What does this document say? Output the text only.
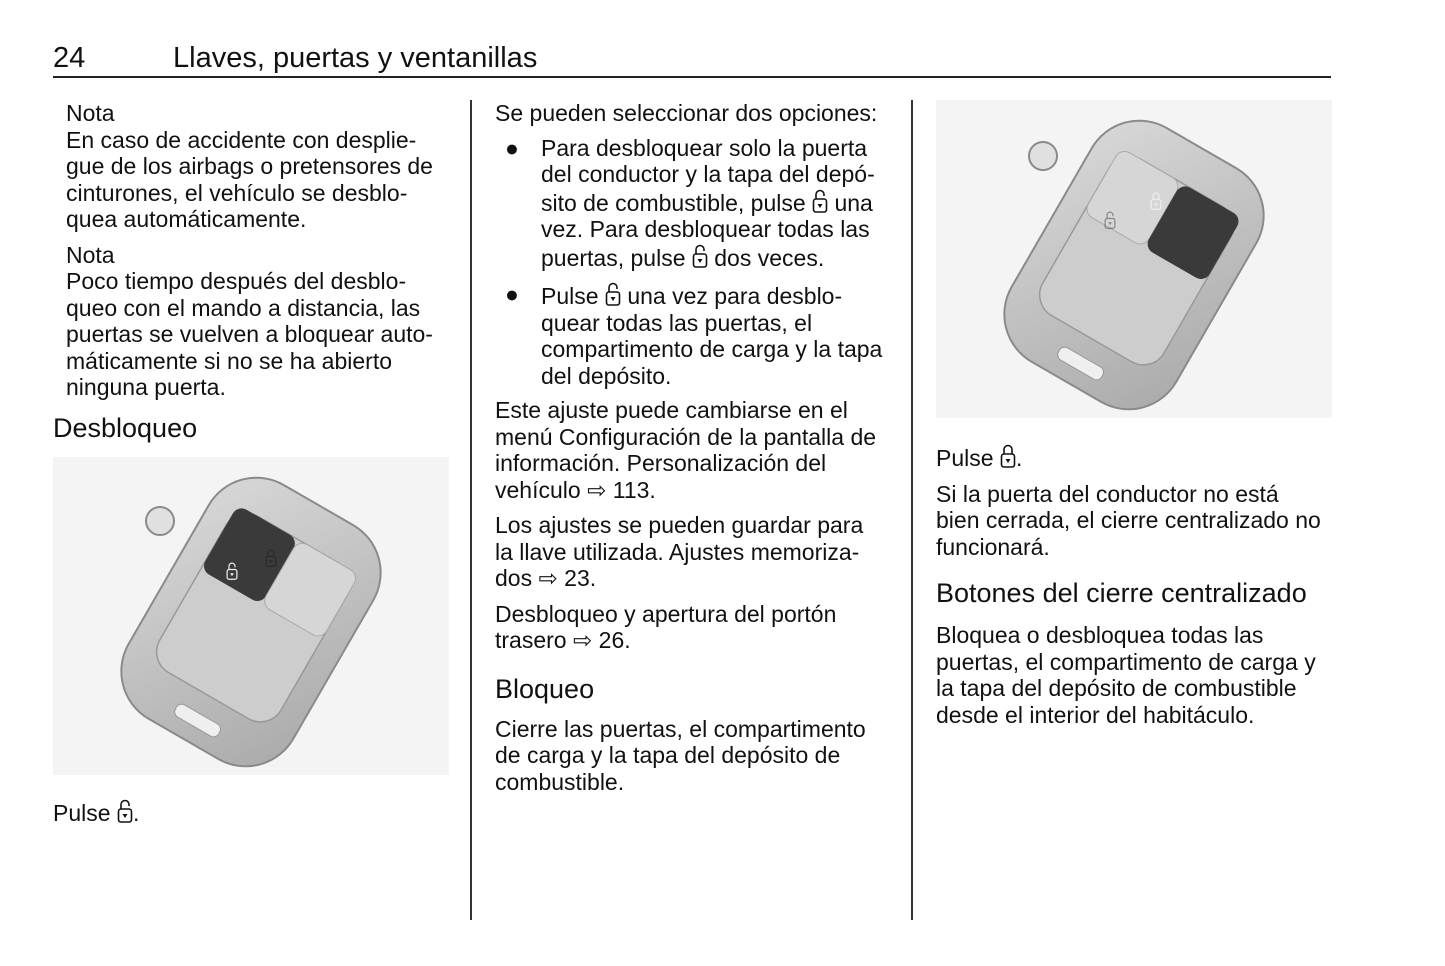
24	Llaves, puertas y ventanillas

Nota

En caso de accidente con desplie-

gue de los airbags o pretensores de

cinturones, el vehículo se desblo-

quea automáticamente.

Nota

Poco tiempo después del desblo-

queo con el mando a distancia, las

puertas se vuelven a bloquear auto-

máticamente si no se ha abierto

ninguna puerta.

Desbloqueo

Pulse .

Se pueden seleccionar dos opciones:

● Para desbloquear solo la puerta
del conductor y la tapa del depó-
sito de combustible, pulse una
vez. Para desbloquear todas las
puertas, pulse dos veces.
● Pulse una vez para desblo-
quear todas las puertas, el
compartimento de carga y la tapa
del depósito.

Este ajuste puede cambiarse en el
menú Configuración de la pantalla de
información. Personalización del
vehículo ⇨ 113.

Los ajustes se pueden guardar para
la llave utilizada. Ajustes memoriza-
dos ⇨ 23.

Desbloqueo y apertura del portón
trasero ⇨ 26.

Bloqueo

Cierre las puertas, el compartimento
de carga y la tapa del depósito de
combustible.

Pulse .

Si la puerta del conductor no está
bien cerrada, el cierre centralizado no
funcionará.

Botones del cierre centralizado

Bloquea o desbloquea todas las
puertas, el compartimento de carga y
la tapa del depósito de combustible
desde el interior del habitáculo.
